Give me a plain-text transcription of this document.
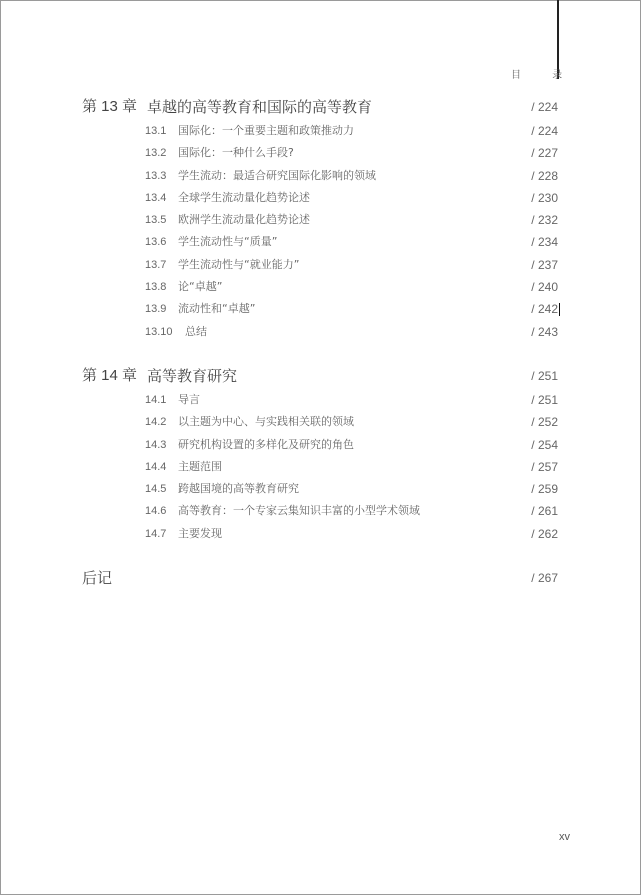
目 录
第 13 章 卓越的高等教育和国际的高等教育	/ 224
13.1 国际化：一个重要主题和政策推动力	/ 224
13.2 国际化：一种什么手段?	/ 227
13.3 学生流动：最适合研究国际化影响的领域	/ 228
13.4 全球学生流动量化趋势论述	/ 230
13.5 欧洲学生流动量化趋势论述	/ 232
13.6 学生流动性与“质量”	/ 234
13.7 学生流动性与“就业能力”	/ 237
13.8 论“卓越”	/ 240
13.9 流动性和“卓越”	/ 242
13.10 总结	/ 243
第 14 章 高等教育研究	/ 251
14.1 导言	/ 251
14.2 以主题为中心、与实践相关联的领域	/ 252
14.3 研究机构设置的多样化及研究的角色	/ 254
14.4 主题范围	/ 257
14.5 跨越国境的高等教育研究	/ 259
14.6 高等教育：一个专家云集知识丰富的小型学术领域	/ 261
14.7 主要发现	/ 262
后记	/ 267
xv
